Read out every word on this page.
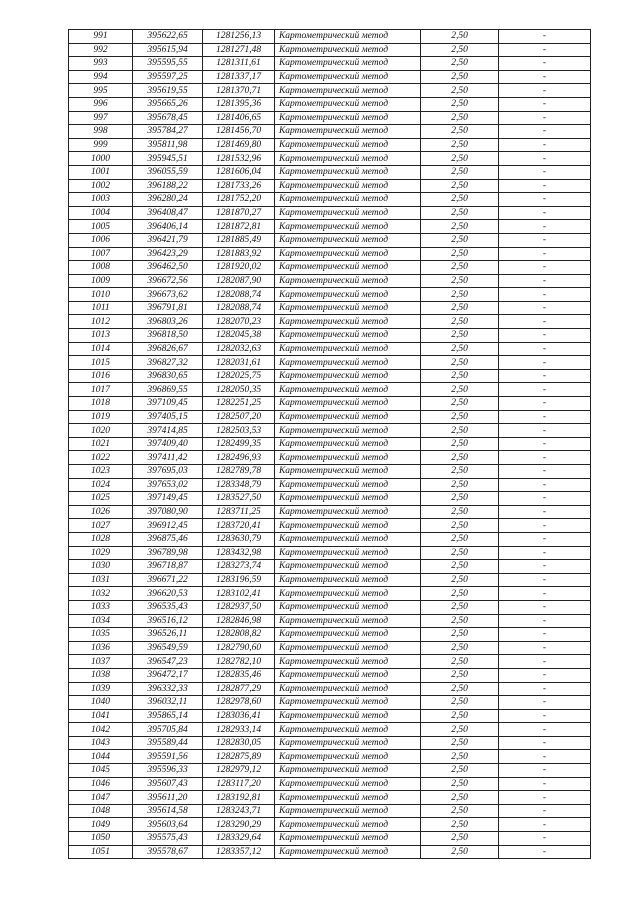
991	395622,65	1281256,13	Картометрический метод	2,50	-
992	395615,94	1281271,48	Картометрический метод	2,50	-
993	395595,55	1281311,61	Картометрический метод	2,50	-
994	395597,25	1281337,17	Картометрический метод	2,50	-
995	395619,55	1281370,71	Картометрический метод	2,50	-
996	395665,26	1281395,36	Картометрический метод	2,50	-
997	395678,45	1281406,65	Картометрический метод	2,50	-
998	395784,27	1281456,70	Картометрический метод	2,50	-
999	395811,98	1281469,80	Картометрический метод	2,50	-
1000	395945,51	1281532,96	Картометрический метод	2,50	-
1001	396055,59	1281606,04	Картометрический метод	2,50	-
1002	396188,22	1281733,26	Картометрический метод	2,50	-
1003	396280,24	1281752,20	Картометрический метод	2,50	-
1004	396408,47	1281870,27	Картометрический метод	2,50	-
1005	396406,14	1281872,81	Картометрический метод	2,50	-
1006	396421,79	1281885,49	Картометрический метод	2,50	-
1007	396423,29	1281883,92	Картометрический метод	2,50	-
1008	396462,50	1281920,02	Картометрический метод	2,50	-
1009	396672,56	1282087,90	Картометрический метод	2,50	-
1010	396673,62	1282088,74	Картометрический метод	2,50	-
1011	396791,81	1282088,74	Картометрический метод	2,50	-
1012	396803,26	1282070,23	Картометрический метод	2,50	-
1013	396818,50	1282045,38	Картометрический метод	2,50	-
1014	396826,67	1282032,63	Картометрический метод	2,50	-
1015	396827,32	1282031,61	Картометрический метод	2,50	-
1016	396830,65	1282025,75	Картометрический метод	2,50	-
1017	396869,55	1282050,35	Картометрический метод	2,50	-
1018	397109,45	1282251,25	Картометрический метод	2,50	-
1019	397405,15	1282507,20	Картометрический метод	2,50	-
1020	397414,85	1282503,53	Картометрический метод	2,50	-
1021	397409,40	1282499,35	Картометрический метод	2,50	-
1022	397411,42	1282496,93	Картометрический метод	2,50	-
1023	397695,03	1282789,78	Картометрический метод	2,50	-
1024	397653,02	1283348,79	Картометрический метод	2,50	-
1025	397149,45	1283527,50	Картометрический метод	2,50	-
1026	397080,90	1283711,25	Картометрический метод	2,50	-
1027	396912,45	1283720,41	Картометрический метод	2,50	-
1028	396875,46	1283630,79	Картометрический метод	2,50	-
1029	396789,98	1283432,98	Картометрический метод	2,50	-
1030	396718,87	1283273,74	Картометрический метод	2,50	-
1031	396671,22	1283196,59	Картометрический метод	2,50	-
1032	396620,53	1283102,41	Картометрический метод	2,50	-
1033	396535,43	1282937,50	Картометрический метод	2,50	-
1034	396516,12	1282846,98	Картометрический метод	2,50	-
1035	396526,11	1282808,82	Картометрический метод	2,50	-
1036	396549,59	1282790,60	Картометрический метод	2,50	-
1037	396547,23	1282782,10	Картометрический метод	2,50	-
1038	396472,17	1282835,46	Картометрический метод	2,50	-
1039	396332,33	1282877,29	Картометрический метод	2,50	-
1040	396032,11	1282978,60	Картометрический метод	2,50	-
1041	395865,14	1283036,41	Картометрический метод	2,50	-
1042	395705,84	1282933,14	Картометрический метод	2,50	-
1043	395589,44	1282830,05	Картометрический метод	2,50	-
1044	395591,56	1282875,89	Картометрический метод	2,50	-
1045	395596,33	1282979,12	Картометрический метод	2,50	-
1046	395607,43	1283117,20	Картометрический метод	2,50	-
1047	395611,20	1283192,81	Картометрический метод	2,50	-
1048	395614,58	1283243,71	Картометрический метод	2,50	-
1049	395603,64	1283290,29	Картометрический метод	2,50	-
1050	395575,43	1283329,64	Картометрический метод	2,50	-
1051	395578,67	1283357,12	Картометрический метод	2,50	-
